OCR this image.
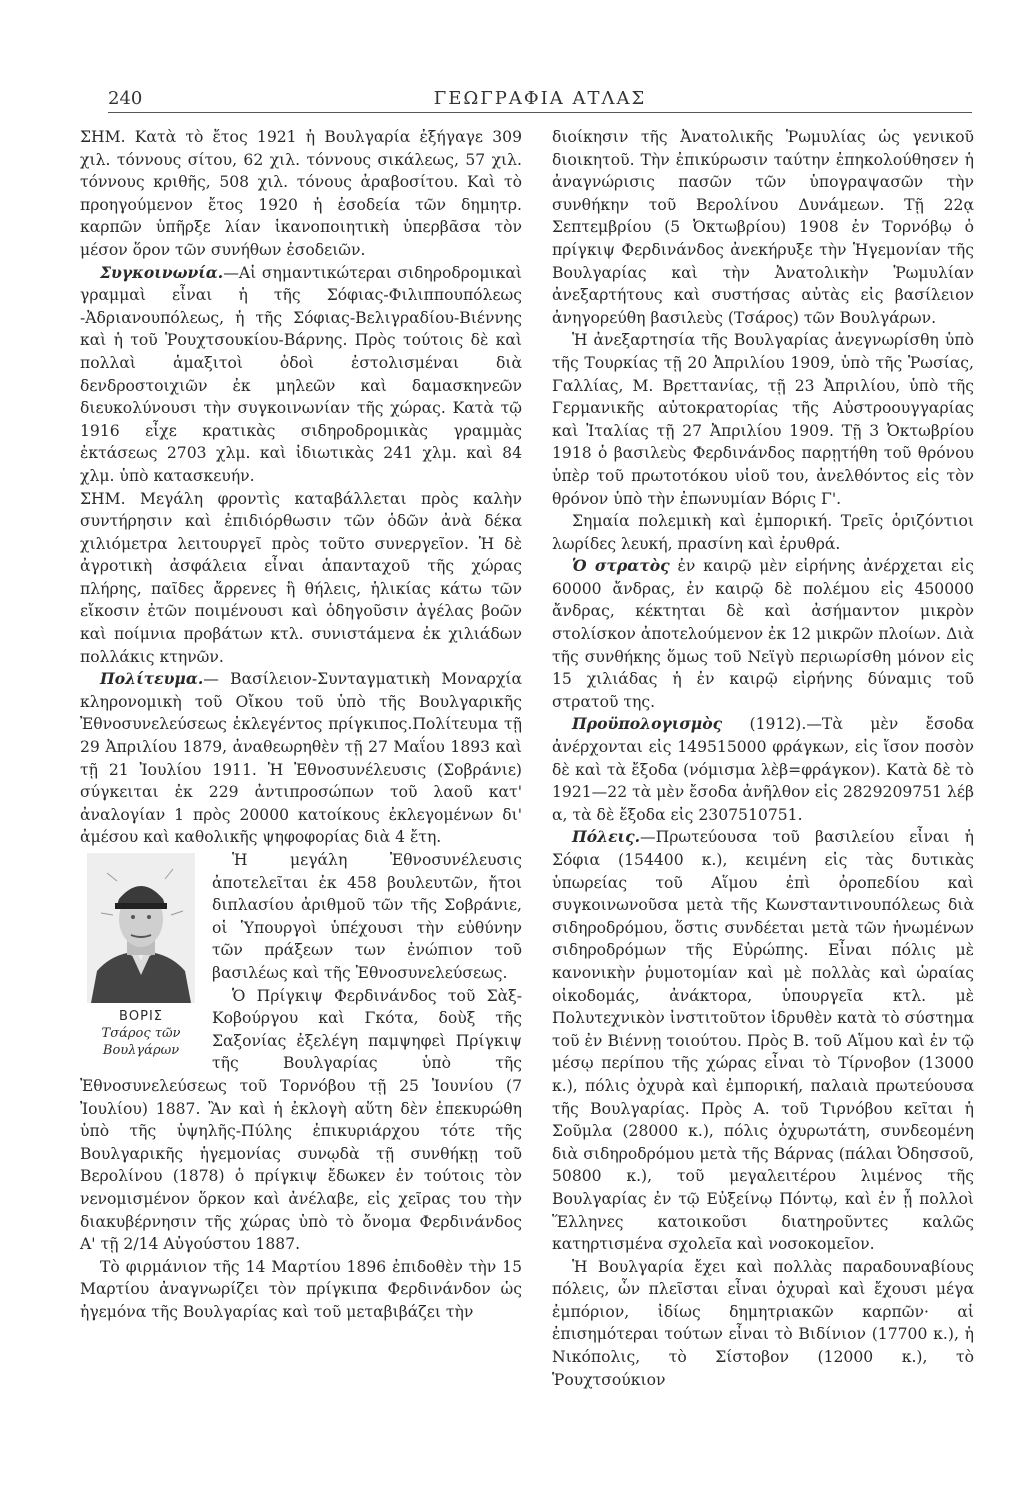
240	ΓΕΩΓΡΑΦΙΑ ΑΤΛΑΣ

ΣΗΜ. Κατὰ τὸ ἔτος 1921 ἡ Βουλγαρία ἐξήγαγε 309 χιλ. τόννους σίτου, 62 χιλ. τόννους σικάλεως, 57 χιλ. τόννους κριθῆς, 508 χιλ. τόνους ἀραβοσίτου. Καὶ τὸ προηγούμενον ἔτος 1920 ἡ ἐσοδεία τῶν δημητρ. καρπῶν ὑπῆρξε λίαν ἱκανοποιητικὴ ὑπερβᾶσα τὸν μέσον ὅρον τῶν συνήθων ἐσοδειῶν.

Συγκοινωνία.—Αἱ σημαντικώτεραι σιδηροδρομικαὶ γραμμαὶ εἶναι ἡ τῆς Σόφιας-Φιλιππουπόλεως -Ἀδριανουπόλεως, ἡ τῆς Σόφιας-Βελιγραδίου-Βιέννης καὶ ἡ τοῦ Ῥουχτσουκίου-Βάρνης. Πρὸς τούτοις δὲ καὶ πολλαὶ ἁμαξιτοὶ ὁδοὶ ἐστολισμέναι διὰ δενδροστοιχιῶν ἐκ μηλεῶν καὶ δαμασκηνεῶν διευκολύνουσι τὴν συγκοινωνίαν τῆς χώρας. Κατὰ τῷ 1916 εἶχε κρατικὰς σιδηροδρομικὰς γραμμὰς ἐκτάσεως 2703 χλμ. καὶ ἰδιωτικὰς 241 χλμ. καὶ 84 χλμ. ὑπὸ κατασκευήν.

ΣΗΜ. Μεγάλη φροντὶς καταβάλλεται πρὸς καλὴν συντήρησιν καὶ ἐπιδιόρθωσιν τῶν ὁδῶν ἀνὰ δέκα χιλιόμετρα λειτουργεῖ πρὸς τοῦτο συνεργεῖον. Ἡ δὲ ἀγροτικὴ ἀσφάλεια εἶναι ἁπανταχοῦ τῆς χώρας πλήρης, παῖδες ἄρρενες ἢ θήλεις, ἡλικίας κάτω τῶν εἴκοσιν ἐτῶν ποιμένουσι καὶ ὁδηγοῦσιν ἀγέλας βοῶν καὶ ποίμνια προβάτων κτλ. συνιστάμενα ἐκ χιλιάδων πολλάκις κτηνῶν.

Πολίτευμα.— Βασίλειον-Συνταγματικὴ Μοναρχία κληρονομικὴ τοῦ Οἴκου τοῦ ὑπὸ τῆς Βουλγαρικῆς Ἐθνοσυνελεύσεως ἐκλεγέντος πρίγκιπος.Πολίτευμα τῇ 29 Ἀπριλίου 1879, ἀναθεωρηθὲν τῇ 27 Μαΐου 1893 καὶ τῇ 21 Ἰουλίου 1911. Ἡ Ἐθνοσυνέλευσις (Σοβράνιε) σύγκειται ἐκ 229 ἀντιπροσώπων τοῦ λαοῦ κατ' ἀναλογίαν 1 πρὸς 20000 κατοίκους ἐκλεγομένων δι' ἀμέσου καὶ καθολικῆς ψηφοφορίας διὰ 4 ἔτη.

ΒΟΡΙΣ
Τσάρος τῶν Βουλγάρων

Ἡ μεγάλη Ἐθνοσυνέλευσις ἀποτελεῖται ἐκ 458 βουλευτῶν, ἤτοι διπλασίου ἀριθμοῦ τῶν τῆς Σοβράνιε, οἱ Ὑπουργοὶ ὑπέχουσι τὴν εὐθύνην τῶν πράξεων των ἐνώπιον τοῦ βασιλέως καὶ τῆς Ἐθνοσυνελεύσεως.

Ὁ Πρίγκιψ Φερδινάνδος τοῦ Σὰξ-Κοβούργου καὶ Γκότα, δοὺξ τῆς Σαξονίας ἐξελέγη παμψηφεὶ Πρίγκιψ τῆς Βουλγαρίας ὑπὸ τῆς Ἐθνοσυνελεύσεως τοῦ Τορνόβου τῇ 25 Ἰουνίου (7 Ἰουλίου) 1887. Ἂν καὶ ἡ ἐκλογὴ αὕτη δὲν ἐπεκυρώθη ὑπὸ τῆς ὑψηλῆς-Πύλης ἐπικυριάρχου τότε τῆς Βουλγαρικῆς ἡγεμονίας συνῳδὰ τῇ συνθήκῃ τοῦ Βερολίνου (1878) ὁ πρίγκιψ ἔδωκεν ἐν τούτοις τὸν νενομισμένον ὅρκον καὶ ἀνέλαβε, εἰς χεῖρας του τὴν διακυβέρνησιν τῆς χώρας ὑπὸ τὸ ὄνομα Φερδινάνδος Α' τῇ 2/14 Αὐγούστου 1887.

Τὸ φιρμάνιον τῆς 14 Μαρτίου 1896 ἐπιδοθὲν τὴν 15 Μαρτίου ἀναγνωρίζει τὸν πρίγκιπα Φερδινάνδον ὡς ἡγεμόνα τῆς Βουλγαρίας καὶ τοῦ μεταβιβάζει τὴν

διοίκησιν τῆς Ἀνατολικῆς Ῥωμυλίας ὡς γενικοῦ διοικητοῦ. Τὴν ἐπικύρωσιν ταύτην ἐπηκολούθησεν ἡ ἀναγνώρισις πασῶν τῶν ὑπογραψασῶν τὴν συνθήκην τοῦ Βερολίνου Δυνάμεων. Τῇ 22ᾳ Σεπτεμβρίου (5 Ὀκτωβρίου) 1908 ἐν Τορνόβῳ ὁ πρίγκιψ Φερδινάνδος ἀνεκήρυξε τὴν Ἡγεμονίαν τῆς Βουλγαρίας καὶ τὴν Ἀνατολικὴν Ῥωμυλίαν ἀνεξαρτήτους καὶ συστήσας αὐτὰς εἰς βασίλειον ἀνηγορεύθη βασιλεὺς (Τσάρος) τῶν Βουλγάρων.

Ἡ ἀνεξαρτησία τῆς Βουλγαρίας ἀνεγνωρίσθη ὑπὸ τῆς Τουρκίας τῇ 20 Ἀπριλίου 1909, ὑπὸ τῆς Ῥωσίας, Γαλλίας, Μ. Βρεττανίας, τῇ 23 Ἀπριλίου, ὑπὸ τῆς Γερμανικῆς αὐτοκρατορίας τῆς Αὐστροουγγαρίας καὶ Ἰταλίας τῇ 27 Ἀπριλίου 1909. Τῇ 3 Ὀκτωβρίου 1918 ὁ βασιλεὺς Φερδινάνδος παρῃτήθη τοῦ θρόνου ὑπὲρ τοῦ πρωτοτόκου υἱοῦ του, ἀνελθόντος εἰς τὸν θρόνον ὑπὸ τὴν ἐπωνυμίαν Βόρις Γ'.

Σημαία πολεμικὴ καὶ ἐμπορική. Τρεῖς ὁριζόντιοι λωρίδες λευκή, πρασίνη καὶ ἐρυθρά.

Ὁ στρατὸς ἐν καιρῷ μὲν εἰρήνης ἀνέρχεται εἰς 60000 ἄνδρας, ἐν καιρῷ δὲ πολέμου εἰς 450000 ἄνδρας, κέκτηται δὲ καὶ ἀσήμαντον μικρὸν στολίσκον ἀποτελούμενον ἐκ 12 μικρῶν πλοίων. Διὰ τῆς συνθήκης ὅμως τοῦ Νεϊγὺ περιωρίσθη μόνον εἰς 15 χιλιάδας ἡ ἐν καιρῷ εἰρήνης δύναμις τοῦ στρατοῦ της.

Προϋπολογισμὸς (1912).—Τὰ μὲν ἔσοδα ἀνέρχονται εἰς 149515000 φράγκων, εἰς ἴσον ποσὸν δὲ καὶ τὰ ἔξοδα (νόμισμα λὲβ=φράγκον). Κατὰ δὲ τὸ 1921—22 τὰ μὲν ἔσοδα ἀνῆλθον εἰς 2829209751 λέβ α, τὰ δὲ ἔξοδα εἰς 2307510751.

Πόλεις.—Πρωτεύουσα τοῦ βασιλείου εἶναι ἡ Σόφια (154400 κ.), κειμένη εἰς τὰς δυτικὰς ὑπωρείας τοῦ Αἵμου ἐπὶ ὀροπεδίου καὶ συγκοινωνοῦσα μετὰ τῆς Κωνσταντινουπόλεως διὰ σιδηροδρόμου, ὅστις συνδέεται μετὰ τῶν ἡνωμένων σιδηροδρόμων τῆς Εὐρώπης. Εἶναι πόλις μὲ κανονικὴν ῥυμοτομίαν καὶ μὲ πολλὰς καὶ ὡραίας οἰκοδομάς, ἀνάκτορα, ὑπουργεῖα κτλ. μὲ Πολυτεχνικὸν ἰνστιτοῦτον ἱδρυθὲν κατὰ τὸ σύστημα τοῦ ἐν Βιέννῃ τοιούτου. Πρὸς Β. τοῦ Αἵμου καὶ ἐν τῷ μέσῳ περίπου τῆς χώρας εἶναι τὸ Τίρνοβον (13000 κ.), πόλις ὀχυρὰ καὶ ἐμπορική, παλαιὰ πρωτεύουσα τῆς Βουλγαρίας. Πρὸς Α. τοῦ Τιρνόβου κεῖται ἡ Σοῦμλα (28000 κ.), πόλις ὀχυρωτάτη, συνδεομένη διὰ σιδηροδρόμου μετὰ τῆς Βάρνας (πάλαι Ὀδησσοῦ, 50800 κ.), τοῦ μεγαλειτέρου λιμένος τῆς Βουλγαρίας ἐν τῷ Εὐξείνῳ Πόντῳ, καὶ ἐν ᾗ πολλοὶ Ἕλληνες κατοικοῦσι διατηροῦντες καλῶς κατηρτισμένα σχολεῖα καὶ νοσοκομεῖον.

Ἡ Βουλγαρία ἔχει καὶ πολλὰς παραδουναβίους πόλεις, ὧν πλεῖσται εἶναι ὀχυραὶ καὶ ἔχουσι μέγα ἐμπόριον, ἰδίως δημητριακῶν καρπῶν· αἱ ἐπισημότεραι τούτων εἶναι τὸ Βιδίνιον (17700 κ.), ἡ Νικόπολις, τὸ Σίστοβον (12000 κ.), τὸ Ῥουχτσούκιον
